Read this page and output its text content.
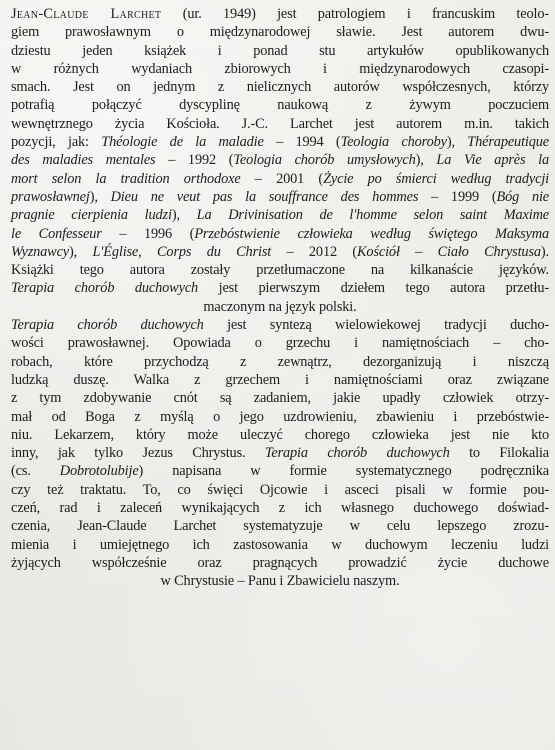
Jean-Claude Larchet (ur. 1949) jest patrologiem i francuskim teolo-
giem prawosławnym o międzynarodowej sławie. Jest autorem dwu-
dziestu jeden książek i ponad stu artykułów opublikowanych
w różnych wydaniach zbiorowych i międzynarodowych czasopi-
smach. Jest on jednym z nielicznych autorów współczesnych, którzy
potrafią połączyć dyscyplinę naukową z żywym poczuciem
wewnętrznego życia Kościoła. J.-C. Larchet jest autorem m.in. takich
pozycji, jak: Théologie de la maladie – 1994 (Teologia choroby), Thérapeutique
des maladies mentales – 1992 (Teologia chorób umysłowych), La Vie après la
mort selon la tradition orthodoxe – 2001 (Życie po śmierci według tradycji
prawosławnej), Dieu ne veut pas la souffrance des hommes – 1999 (Bóg nie
pragnie cierpienia ludzi), La Drivinisation de l'homme selon saint Maxime
le Confesseur – 1996 (Przebóstwienie człowieka według świętego Maksyma
Wyznawcy), L'Église, Corps du Christ – 2012 (Kościół – Ciało Chrystusa).
Książki tego autora zostały przetłumaczone na kilkanaście języków.
Terapia chorób duchowych jest pierwszym dziełem tego autora przetłu-
maczonym na język polski.
Terapia chorób duchowych jest syntezą wielowiekowej tradycji ducho-
wości prawosławnej. Opowiada o grzechu i namiętnościach – cho-
robach, które przychodzą z zewnątrz, dezorganizują i niszczą
ludzką duszę. Walka z grzechem i namiętnościami oraz związane
z tym zdobywanie cnót są zadaniem, jakie upadły człowiek otrzy-
mał od Boga z myślą o jego uzdrowieniu, zbawieniu i przebóstwie-
niu. Lekarzem, który może uleczyć chorego człowieka jest nie kto
inny, jak tylko Jezus Chrystus. Terapia chorób duchowych to Filokalia
(cs. Dobrotolubije) napisana w formie systematycznego podręcznika
czy też traktatu. To, co święci Ojcowie i asceci pisali w formie pou-
czeń, rad i zaleceń wynikających z ich własnego duchowego doświad-
czenia, Jean-Claude Larchet systematyzuje w celu lepszego zrozu-
mienia i umiejętnego ich zastosowania w duchowym leczeniu ludzi
żyjących współcześnie oraz pragnących prowadzić życie duchowe
w Chrystusie – Panu i Zbawicielu naszym.
